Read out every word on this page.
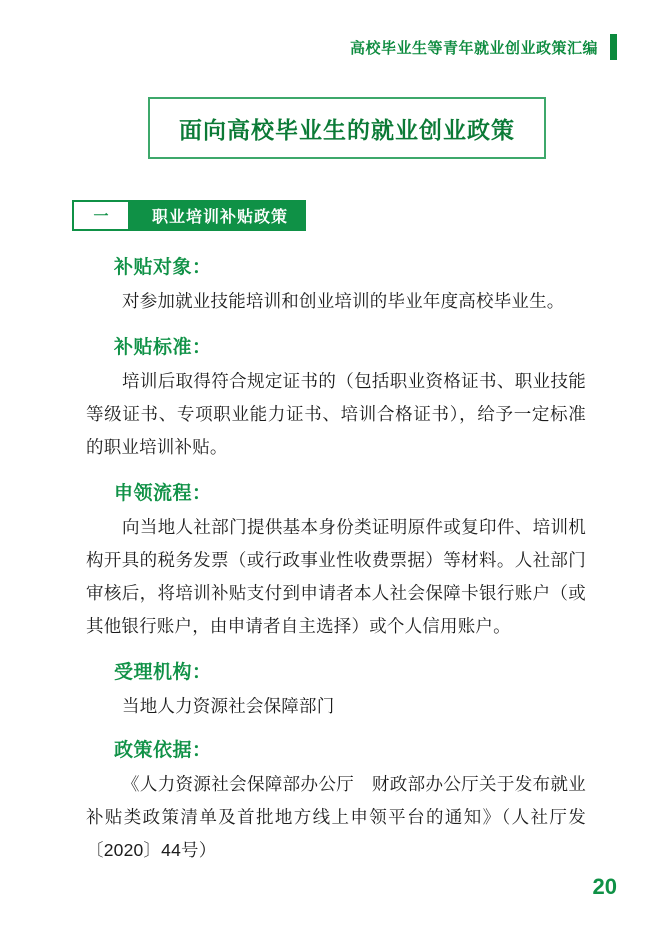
高校毕业生等青年就业创业政策汇编
面向高校毕业生的就业创业政策
一	职业培训补贴政策
补贴对象：

对参加就业技能培训和创业培训的毕业年度高校毕业生。

补贴标准：

培训后取得符合规定证书的（包括职业资格证书、职业技能等级证书、专项职业能力证书、培训合格证书），给予一定标准的职业培训补贴。

申领流程：

向当地人社部门提供基本身份类证明原件或复印件、培训机构开具的税务发票（或行政事业性收费票据）等材料。人社部门审核后，将培训补贴支付到申请者本人社会保障卡银行账户（或其他银行账户，由申请者自主选择）或个人信用账户。

受理机构：

当地人力资源社会保障部门

政策依据：

《人力资源社会保障部办公厅　财政部办公厅关于发布就业补贴类政策清单及首批地方线上申领平台的通知》（人社厅发〔2020〕44号）

20
